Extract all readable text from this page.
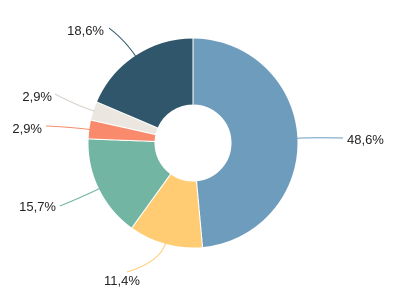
48,6%
11,4%
15,7%
2,9%
2,9%
18,6%
